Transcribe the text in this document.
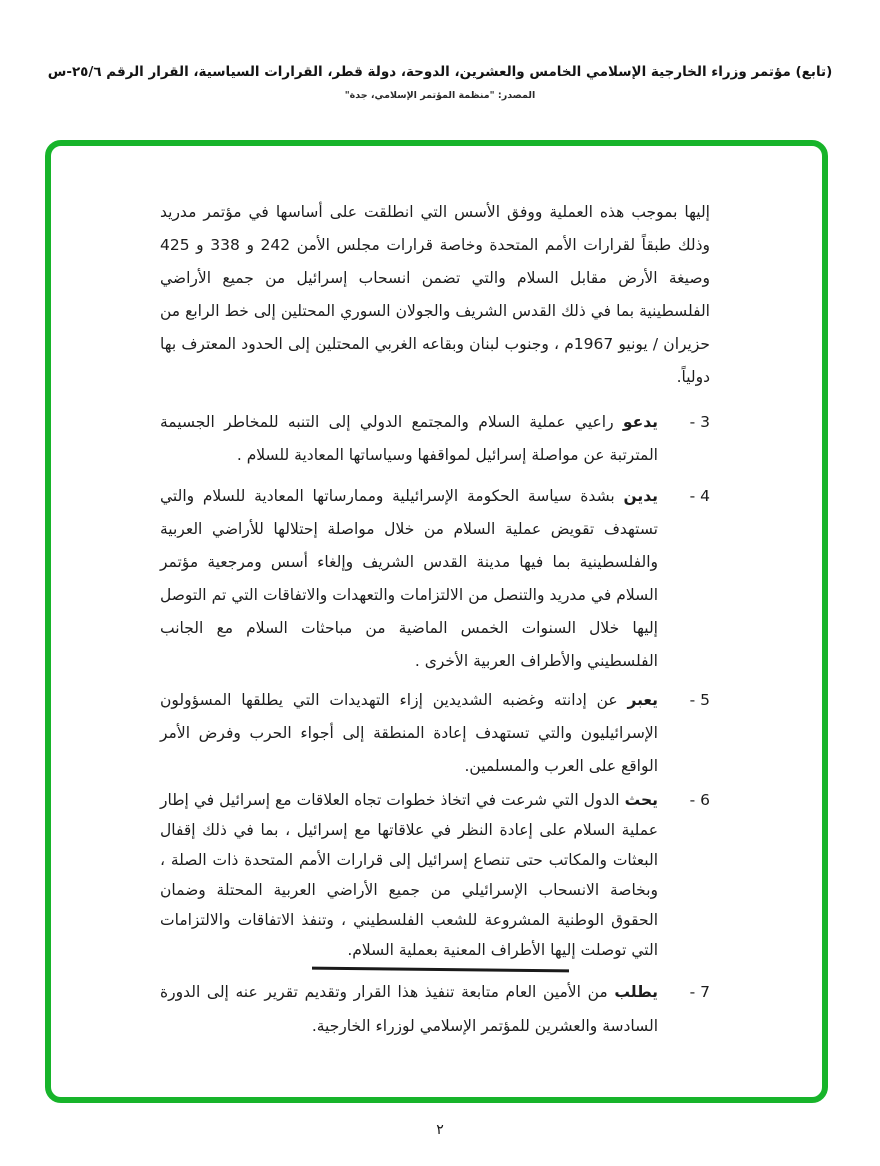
(تابع) مؤتمر وزراء الخارجية الإسلامي الخامس والعشرين، الدوحة، دولة قطر، القرارات السياسية، القرار الرقم ٢٥/٦-س
المصدر: "منظمة المؤتمر الإسلامي، جدة"

إليها بموجب هذه العملية ووفق الأسس التي انطلقت على أساسها في مؤتمر مدريد وذلك طبقاً لقرارات الأمم المتحدة وخاصة قرارات مجلس الأمن 242 و 338 و 425 وصيغة الأرض مقابل السلام والتي تضمن انسحاب إسرائيل من جميع الأراضي الفلسطينية بما في ذلك القدس الشريف والجولان السوري المحتلين إلى خط الرابع من حزيران / يونيو 1967م ، وجنوب لبنان وبقاعه الغربي المحتلين إلى الحدود المعترف بها دولياً.

3 -
يدعو راعيي عملية السلام والمجتمع الدولي إلى التنبه للمخاطر الجسيمة المترتبة عن مواصلة إسرائيل لمواقفها وسياساتها المعادية للسلام .
4 -
يدين بشدة سياسة الحكومة الإسرائيلية وممارساتها المعادية للسلام والتي تستهدف تقويض عملية السلام من خلال مواصلة إحتلالها للأراضي العربية والفلسطينية بما فيها مدينة القدس الشريف وإلغاء أسس ومرجعية مؤتمر السلام في مدريد والتنصل من الالتزامات والتعهدات والاتفاقات التي تم التوصل إليها خلال السنوات الخمس الماضية من مباحثات السلام مع الجانب الفلسطيني والأطراف العربية الأخرى .
5 -
يعبر عن إدانته وغضبه الشديدين إزاء التهديدات التي يطلقها المسؤولون الإسرائيليون والتي تستهدف إعادة المنطقة إلى أجواء الحرب وفرض الأمر الواقع على العرب والمسلمين.
6 -
يحث الدول التي شرعت في اتخاذ خطوات تجاه العلاقات مع إسرائيل في إطار عملية السلام على إعادة النظر في علاقاتها مع إسرائيل ، بما في ذلك إقفال البعثات والمكاتب حتى تنصاع إسرائيل إلى قرارات الأمم المتحدة ذات الصلة ، وبخاصة الانسحاب الإسرائيلي من جميع الأراضي العربية المحتلة وضمان الحقوق الوطنية المشروعة للشعب الفلسطيني ، وتنفذ الاتفاقات والالتزامات التي توصلت إليها الأطراف المعنية بعملية السلام.
7 -
يطلب من الأمين العام متابعة تنفيذ هذا القرار وتقديم تقرير عنه إلى الدورة السادسة والعشرين للمؤتمر الإسلامي لوزراء الخارجية.
٢
